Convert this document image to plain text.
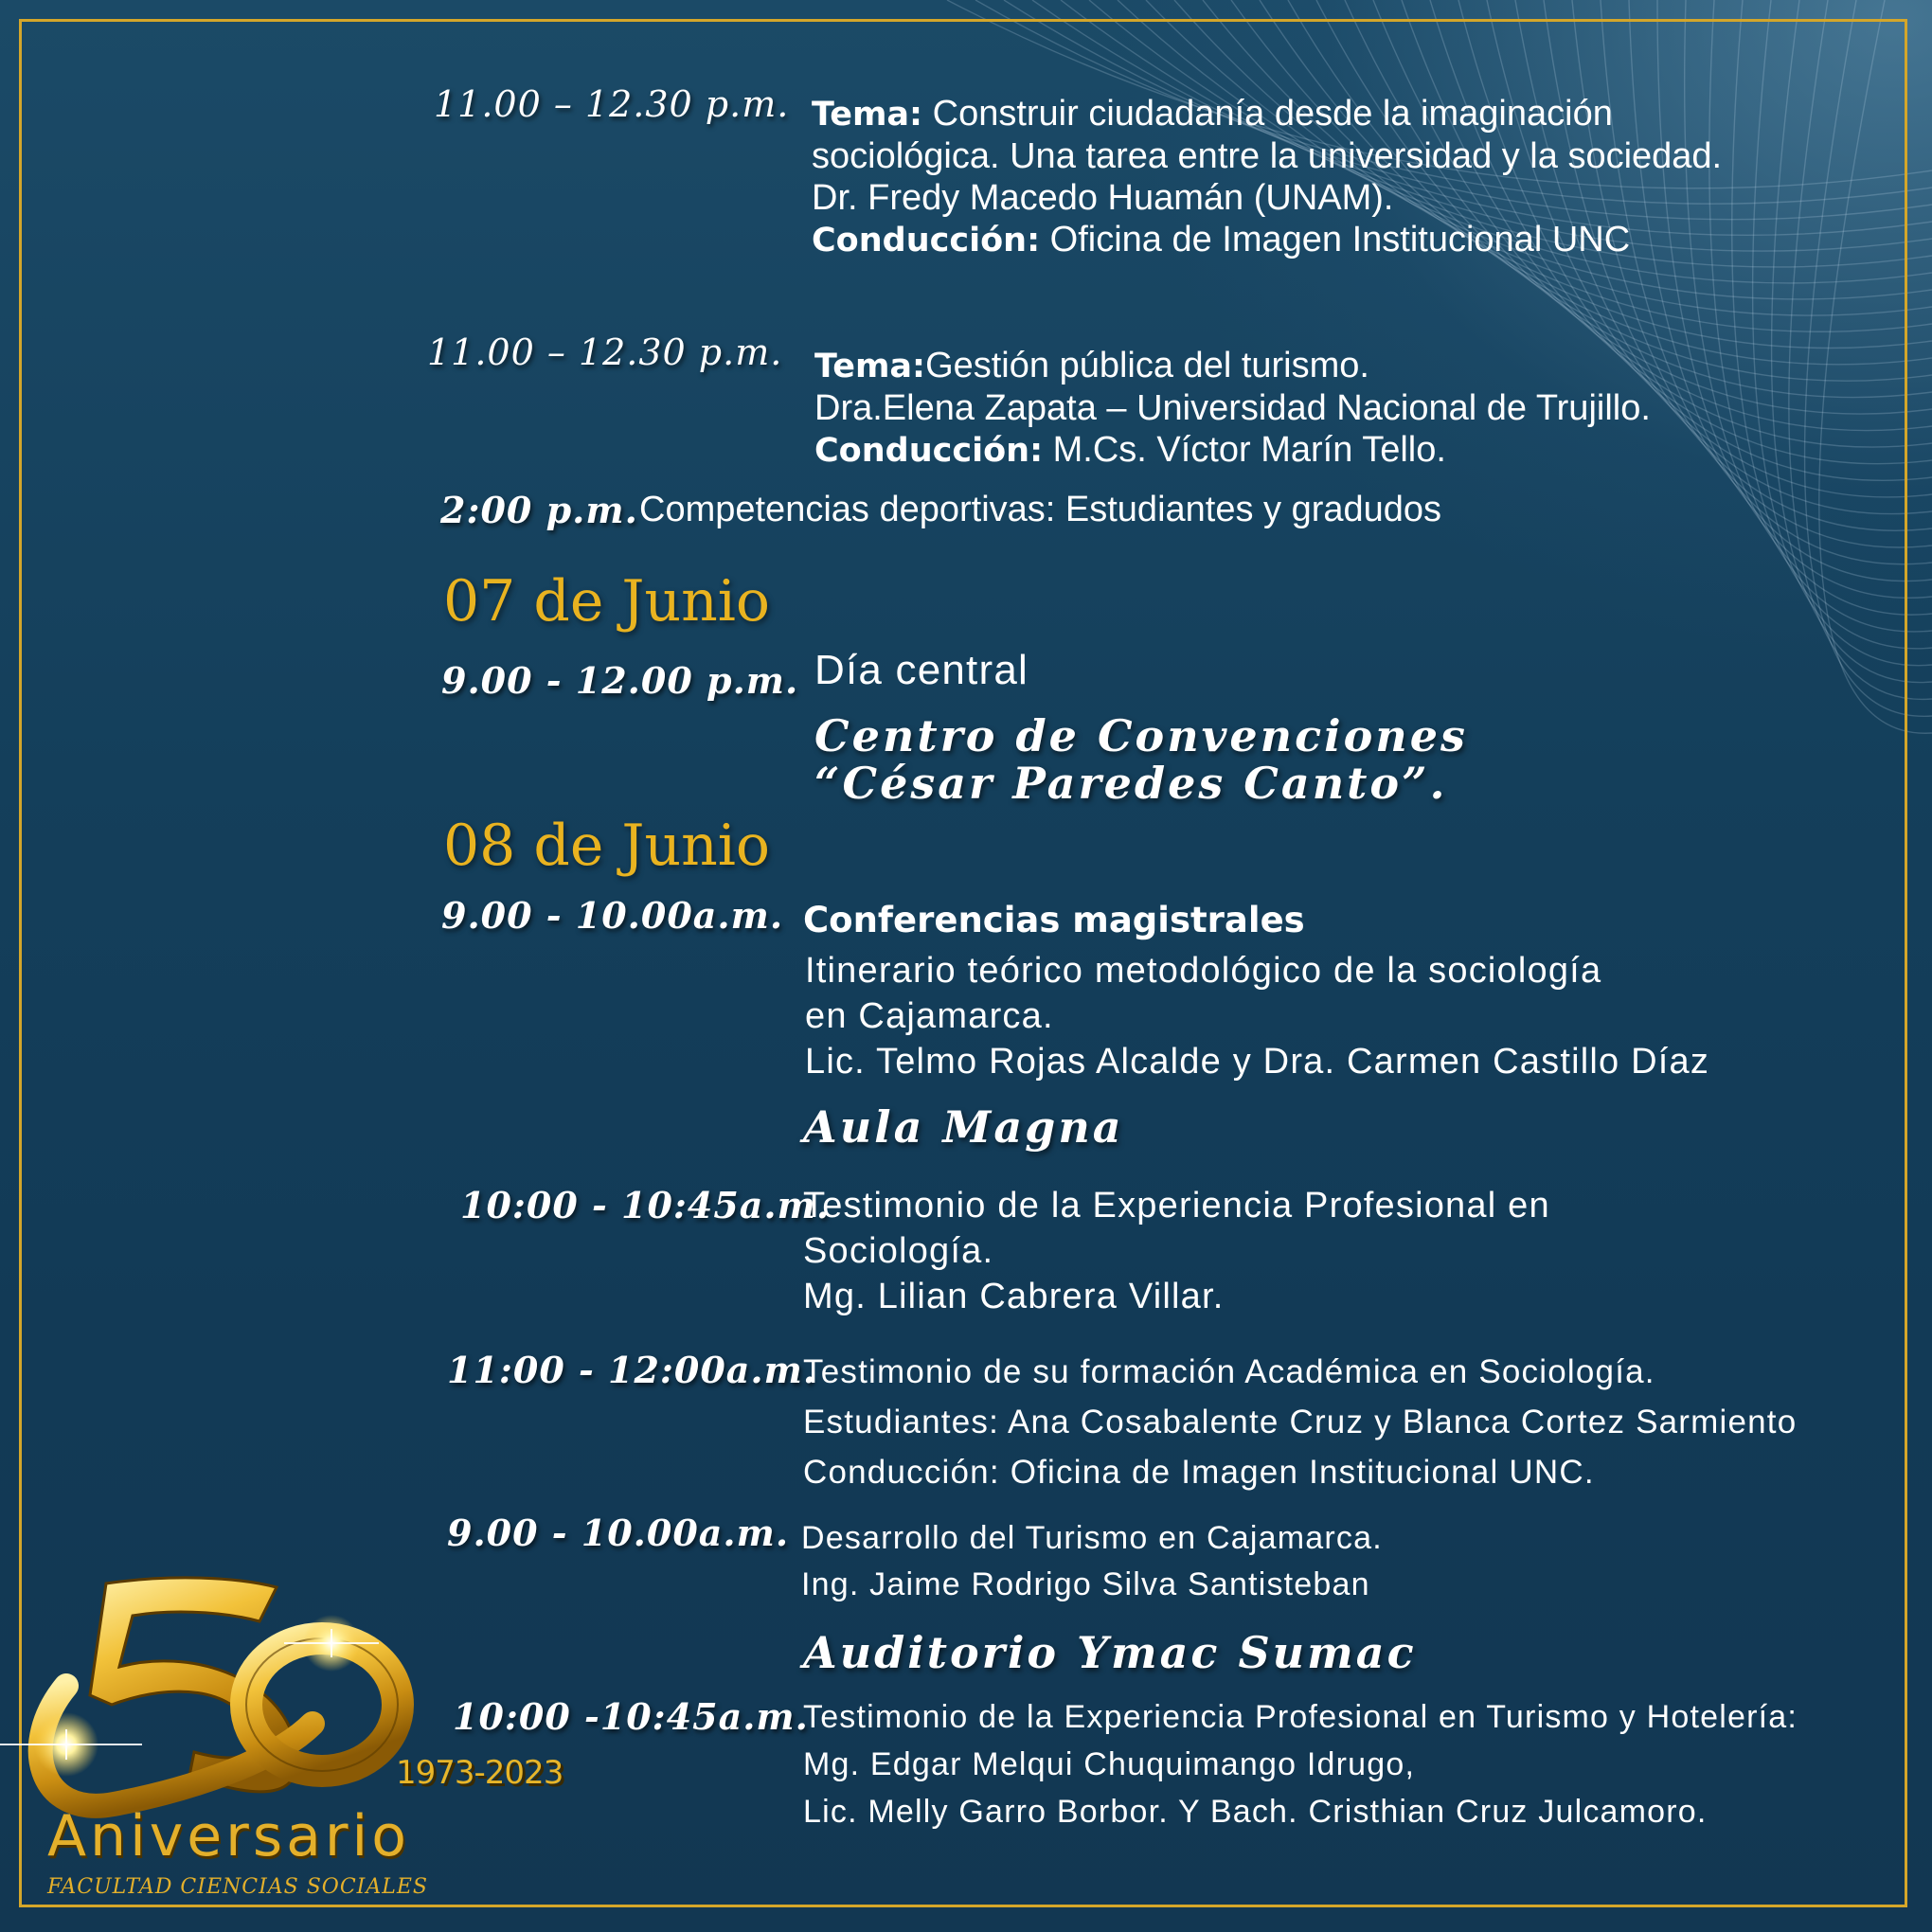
11.00 – 12.30 p.m. Tema: Construir ciudadanía desde la imaginación
sociológica. Una tarea entre la universidad y la sociedad.
Dr. Fredy Macedo Huamán (UNAM).
Conducción: Oficina de Imagen Institucional UNC
11.00 – 12.30 p.m. Tema:Gestión pública del turismo.
Dra.Elena Zapata – Universidad Nacional de Trujillo.
Conducción: M.Cs. Víctor Marín Tello.
2:00 p.m. Competencias deportivas: Estudiantes y gradudos
07 de Junio
9.00 - 12.00 p.m. Día central
Centro de Convenciones
“César Paredes Canto”.
08 de Junio
9.00 - 10.00a.m. Conferencias magistrales
Itinerario teórico metodológico de la sociología
en Cajamarca.
Lic. Telmo Rojas Alcalde y Dra. Carmen Castillo Díaz
Aula Magna
10:00 - 10:45a.m.
Testimonio de la Experiencia Profesional en
Sociología.
Mg. Lilian Cabrera Villar.
11:00 - 12:00a.m.
Testimonio de su formación Académica en Sociología.
Estudiantes: Ana Cosabalente Cruz y Blanca Cortez Sarmiento
Conducción: Oficina de Imagen Institucional UNC.
9.00 - 10.00a.m. Desarrollo del Turismo en Cajamarca.
Ing. Jaime Rodrigo Silva Santisteban
Auditorio Ymac Sumac
10:00 -10:45a.m.
Testimonio de la Experiencia Profesional en Turismo y Hotelería:
Mg. Edgar Melqui Chuquimango Idrugo,
Lic. Melly Garro Borbor. Y Bach. Cristhian Cruz Julcamoro.
1973-2023
Aniversario
FACULTAD CIENCIAS SOCIALES
